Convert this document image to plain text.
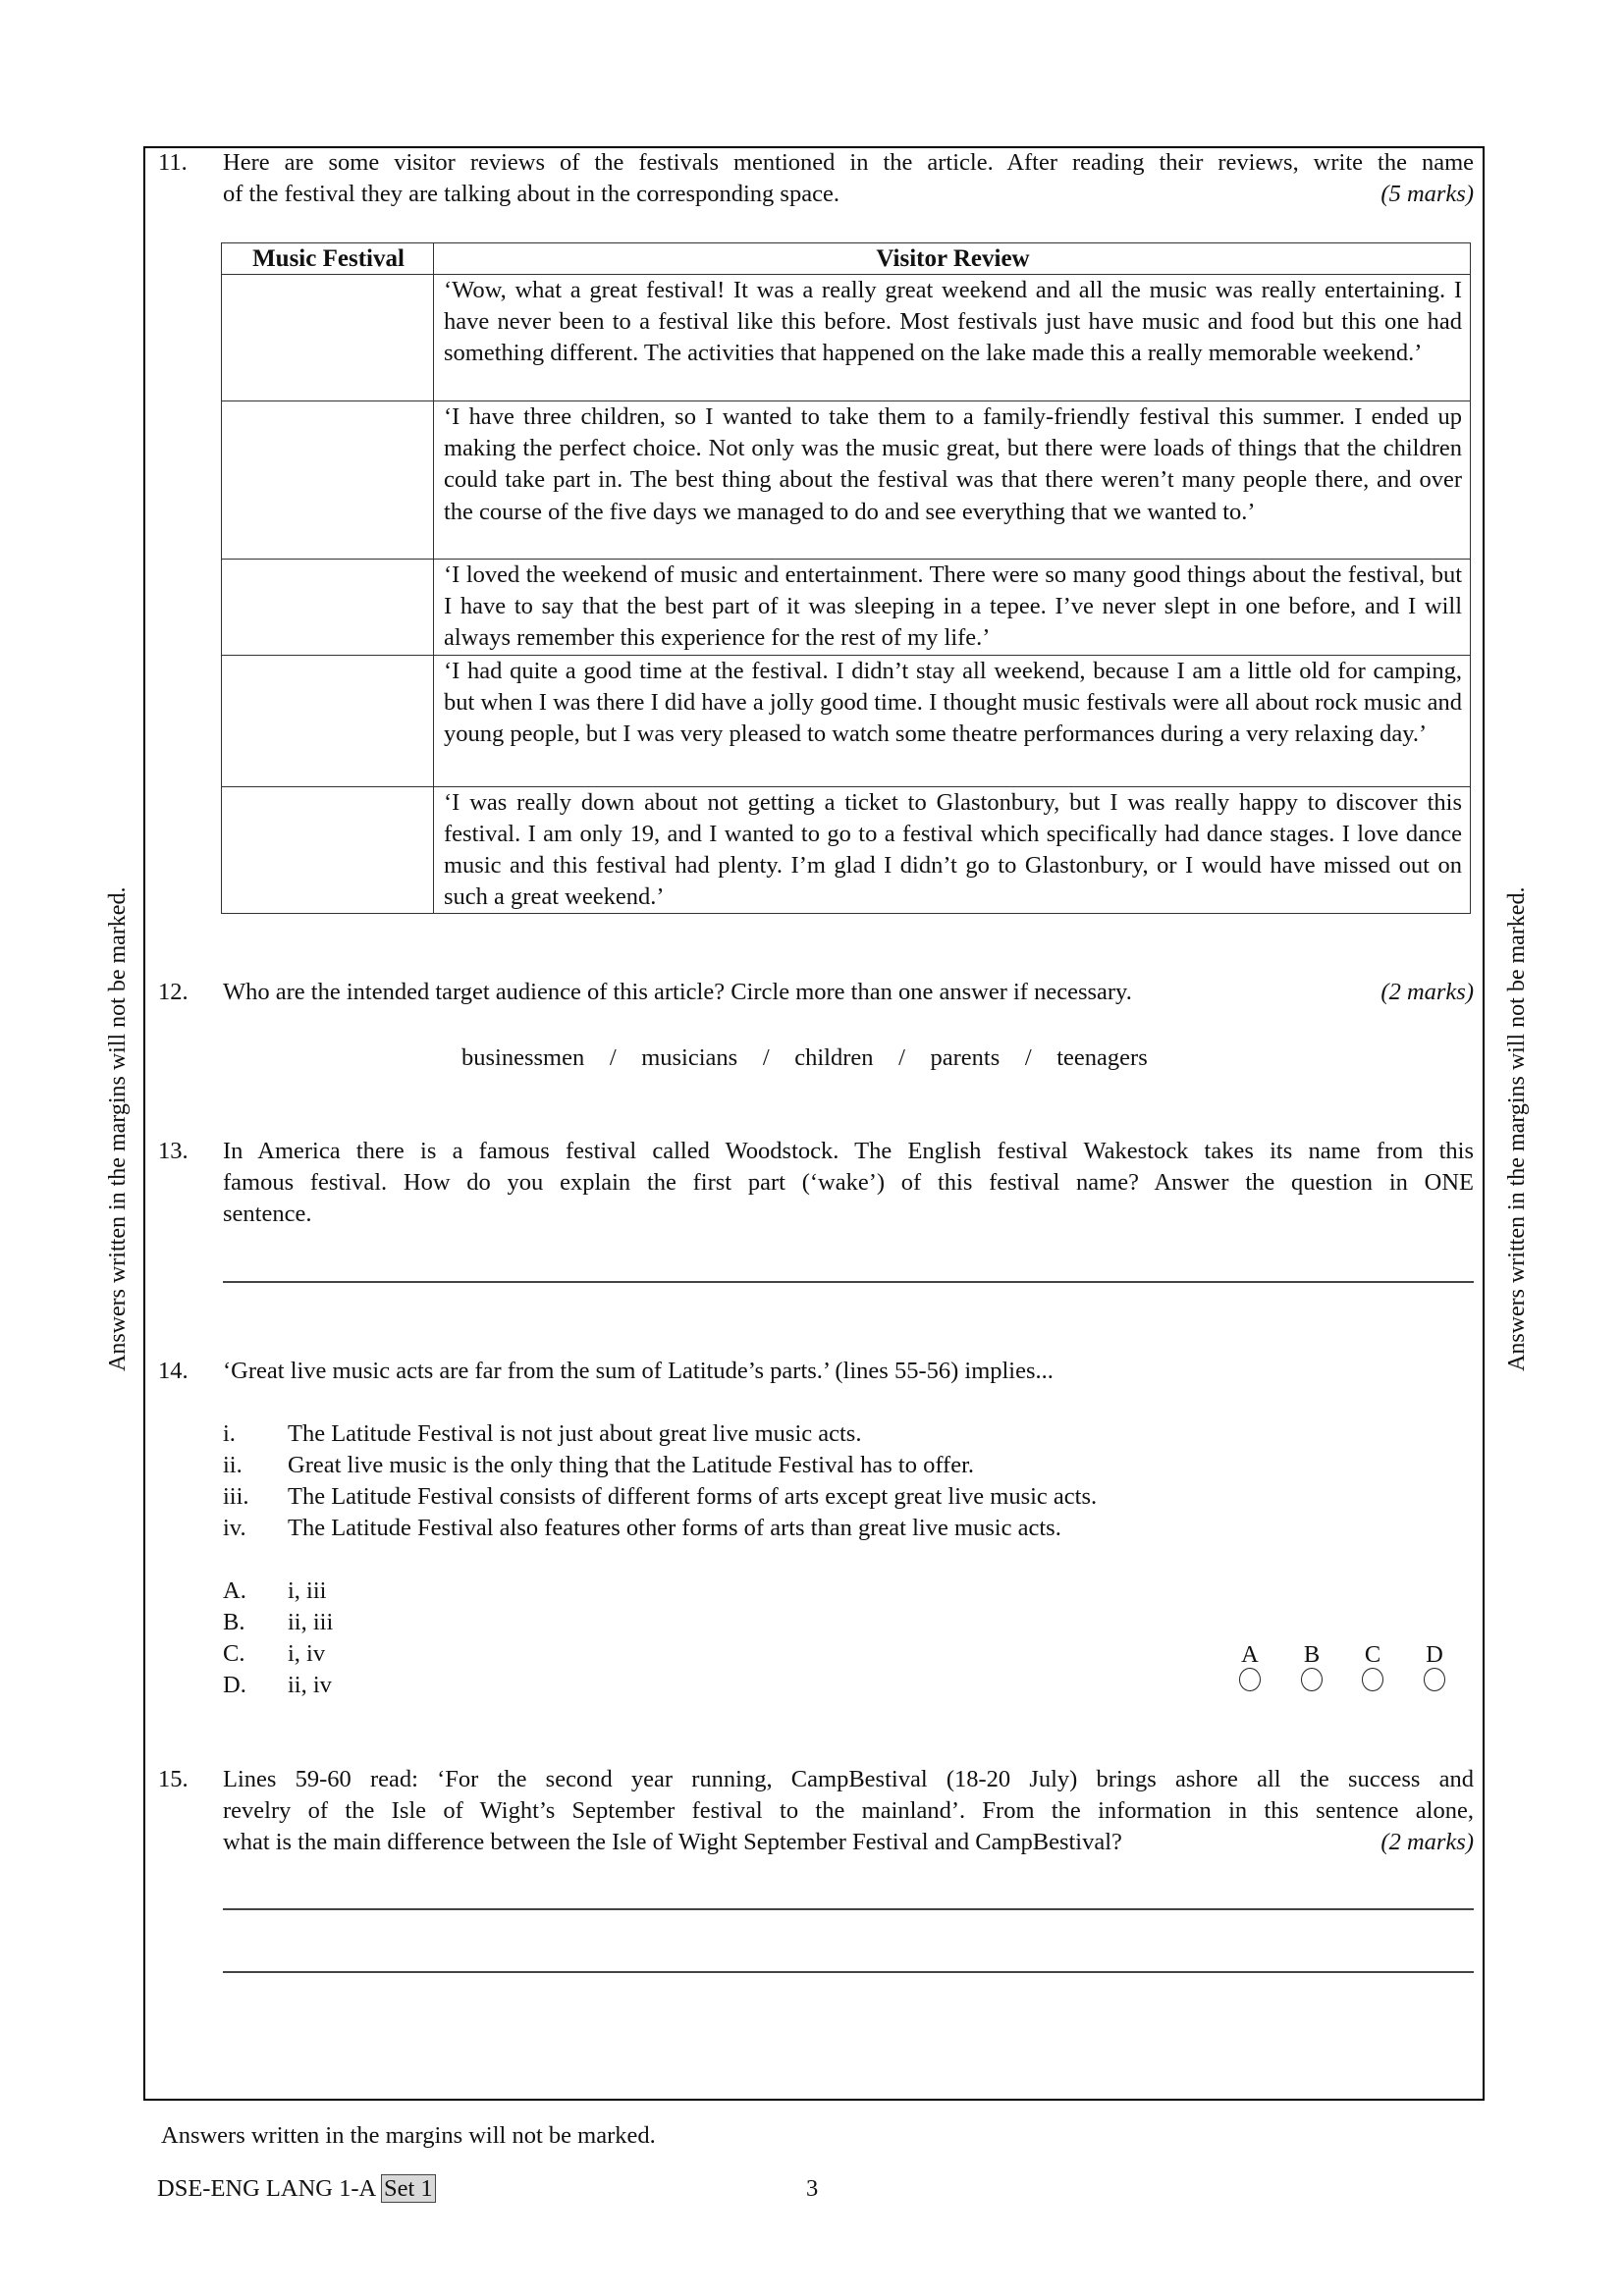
Answers written in the margins will not be marked.	Answers written in the margins will not be marked.
11. Here are some visitor reviews of the festivals mentioned in the article. After reading their reviews, write the name
of the festival they are talking about in the corresponding space.	(5 marks)
Music Festival	Visitor Review
	‘Wow, what a great festival! It was a really great weekend and all the music was really entertaining. I have never been to a festival like this before. Most festivals just have music and food but this one had something different. The activities that happened on the lake made this a really memorable weekend.’
	‘I have three children, so I wanted to take them to a family-friendly festival this summer. I ended up making the perfect choice. Not only was the music great, but there were loads of things that the children could take part in. The best thing about the festival was that there weren’t many people there, and over the course of the five days we managed to do and see everything that we wanted to.’
	‘I loved the weekend of music and entertainment. There were so many good things about the festival, but I have to say that the best part of it was sleeping in a tepee. I’ve never slept in one before, and I will always remember this experience for the rest of my life.’
	‘I had quite a good time at the festival. I didn’t stay all weekend, because I am a little old for camping, but when I was there I did have a jolly good time. I thought music festivals were all about rock music and young people, but I was very pleased to watch some theatre performances during a very relaxing day.’
	‘I was really down about not getting a ticket to Glastonbury, but I was really happy to discover this festival. I am only 19, and I wanted to go to a festival which specifically had dance stages. I love dance music and this festival had plenty. I’m glad I didn’t go to Glastonbury, or I would have missed out on such a great weekend.’
12. Who are the intended target audience of this article? Circle more than one answer if necessary.	(2 marks)
businessmen / musicians / children / parents / teenagers
13. In America there is a famous festival called Woodstock. The English festival Wakestock takes its name from this
famous festival. How do you explain the first part (‘wake’) of this festival name? Answer the question in ONE
sentence.
14. ‘Great live music acts are far from the sum of Latitude’s parts.’ (lines 55-56) implies...
i. The Latitude Festival is not just about great live music acts.
ii. Great live music is the only thing that the Latitude Festival has to offer.
iii. The Latitude Festival consists of different forms of arts except great live music acts.
iv. The Latitude Festival also features other forms of arts than great live music acts.
A. i, iii
B. ii, iii
C. i, iv
D. ii, iv
A B C D
15. Lines 59-60 read: ‘For the second year running, CampBestival (18-20 July) brings ashore all the success and
revelry of the Isle of Wight’s September festival to the mainland’. From the information in this sentence alone,
what is the main difference between the Isle of Wight September Festival and CampBestival?	(2 marks)
Answers written in the margins will not be marked.
DSE-ENG LANG 1-A Set 1	3
